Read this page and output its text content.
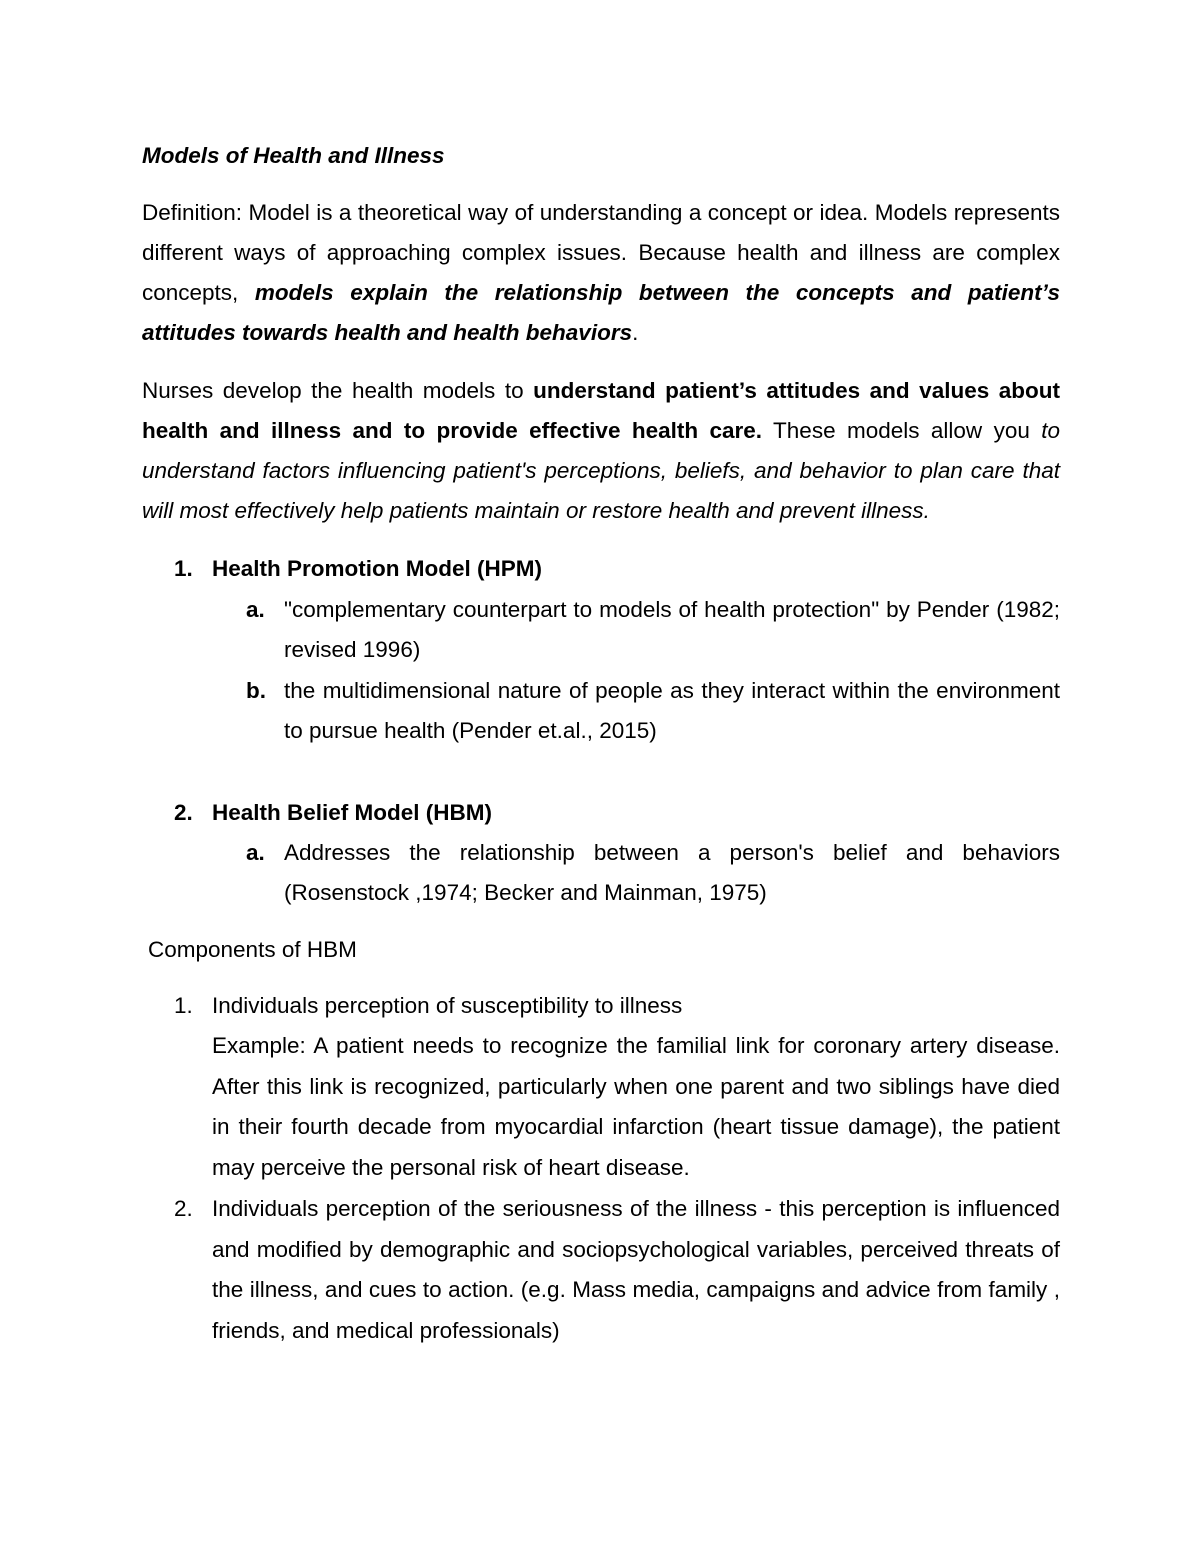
Models of Health and Illness
Definition: Model is a theoretical way of understanding a concept or idea. Models represents different ways of approaching complex issues. Because health and illness are complex concepts, models explain the relationship between the concepts and patient’s attitudes towards health and health behaviors.
Nurses develop the health models to understand patient’s attitudes and values about health and illness and to provide effective health care. These models allow you to understand factors influencing patient's perceptions, beliefs, and behavior to plan care that will most effectively help patients maintain or restore health and prevent illness.
1. Health Promotion Model (HPM)
a. "complementary counterpart to models of health protection" by Pender (1982; revised 1996)
b. the multidimensional nature of people as they interact within the environment to pursue health (Pender et.al., 2015)
2. Health Belief Model (HBM)
a. Addresses the relationship between a person's belief and behaviors (Rosenstock ,1974; Becker and Mainman, 1975)
Components of HBM
1. Individuals perception of susceptibility to illness
Example: A patient needs to recognize the familial link for coronary artery disease. After this link is recognized, particularly when one parent and two siblings have died in their fourth decade from myocardial infarction (heart tissue damage), the patient may perceive the personal risk of heart disease.
2. Individuals perception of the seriousness of the illness - this perception is influenced and modified by demographic and sociopsychological variables, perceived threats of the illness, and cues to action. (e.g. Mass media, campaigns and advice from family , friends, and medical professionals)
